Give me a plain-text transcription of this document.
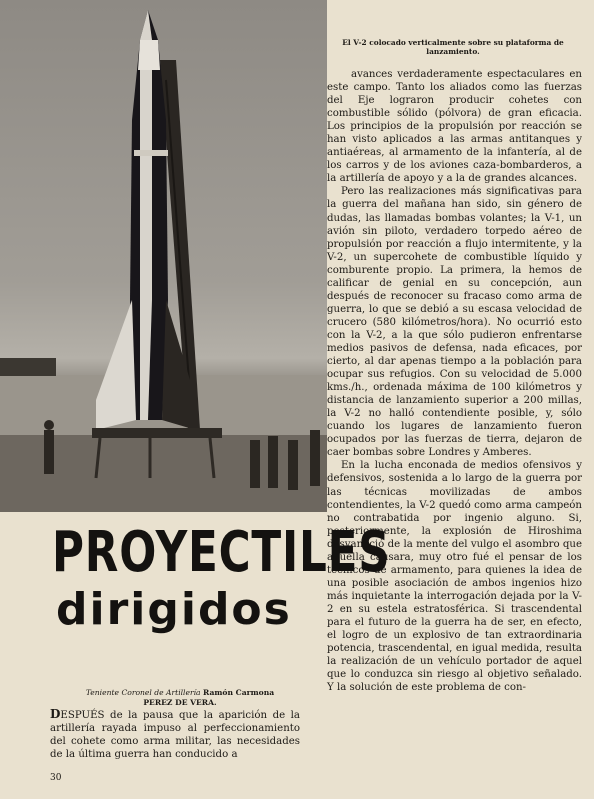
El V-2 colocado verticalmente sobre su plataforma de lanzamiento.

avances verdaderamente espectaculares en este campo. Tanto los aliados como las fuerzas del Eje lograron producir cohetes con combustible sólido (pólvora) de gran eficacia. Los principios de la propulsión por reacción se han visto aplicados a las armas antitanques y antiaéreas, al armamento de la infantería, al de los carros y de los aviones caza-bombarderos, a la artillería de apoyo y a la de grandes alcances.

Pero las realizaciones más significativas para la guerra del mañana han sido, sin género de dudas, las llamadas bombas volantes; la V-1, un avión sin piloto, verdadero torpedo aéreo de propulsión por reacción a flujo intermitente, y la V-2, un supercohete de combustible líquido y comburente propio. La primera, la hemos de calificar de genial en su concepción, aun después de reconocer su fracaso como arma de guerra, lo que se debió a su escasa velocidad de crucero (580 kilómetros/hora). No ocurrió esto con la V-2, a la que sólo pudieron enfrentarse medios pasivos de defensa, nada eficaces, por cierto, al dar apenas tiempo a la población para ocupar sus refugios. Con su velocidad de 5.000 kms./h., ordenada máxima de 100 kilómetros y distancia de lanzamiento superior a 200 millas, la V-2 no halló contendiente posible, y, sólo cuando los lugares de lanzamiento fueron ocupados por las fuerzas de tierra, dejaron de caer bombas sobre Londres y Amberes.

En la lucha enconada de medios ofensivos y defensivos, sostenida a lo largo de la guerra por las técnicas movilizadas de ambos contendientes, la V-2 quedó como arma campeón no contrabatida por ingenio alguno. Si, posteriormente, la explosión de Hiroshima desvaneció de la mente del vulgo el asombro que aquélla causara, muy otro fué el pensar de los técnicos de armamento, para quienes la idea de una posible asociación de ambos ingenios hizo más inquietante la interrogación dejada por la V-2 en su estela estratosférica. Si trascendental para el futuro de la guerra ha de ser, en efecto, el logro de un explosivo de tan extraordinaria potencia, trascendental, en igual medida, resulta la realización de un vehículo portador de aquel que lo conduzca sin riesgo al objetivo señalado. Y la solución de este problema de con-

PROYECTILES
dirigidos
Teniente Coronel de Artillería Ramón Carmona
PEREZ DE VERA.

DESPUÉS de la pausa que la aparición de la artillería rayada impuso al perfeccionamiento del cohete como arma militar, las necesidades de la última guerra han conducido a

30
